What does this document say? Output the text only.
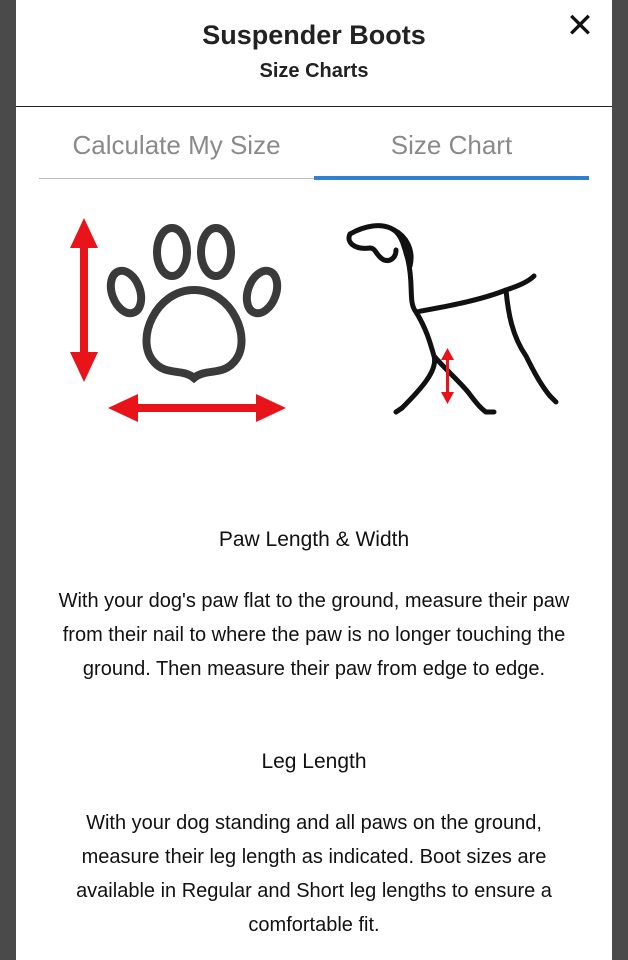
Suspender Boots
Size Charts
✕
Calculate My Size	Size Chart
Paw Length & Width
With your dog's paw flat to the ground, measure their paw from their nail to where the paw is no longer touching the ground. Then measure their paw from edge to edge.
Leg Length
With your dog standing and all paws on the ground, measure their leg length as indicated. Boot sizes are available in Regular and Short leg lengths to ensure a comfortable fit.
